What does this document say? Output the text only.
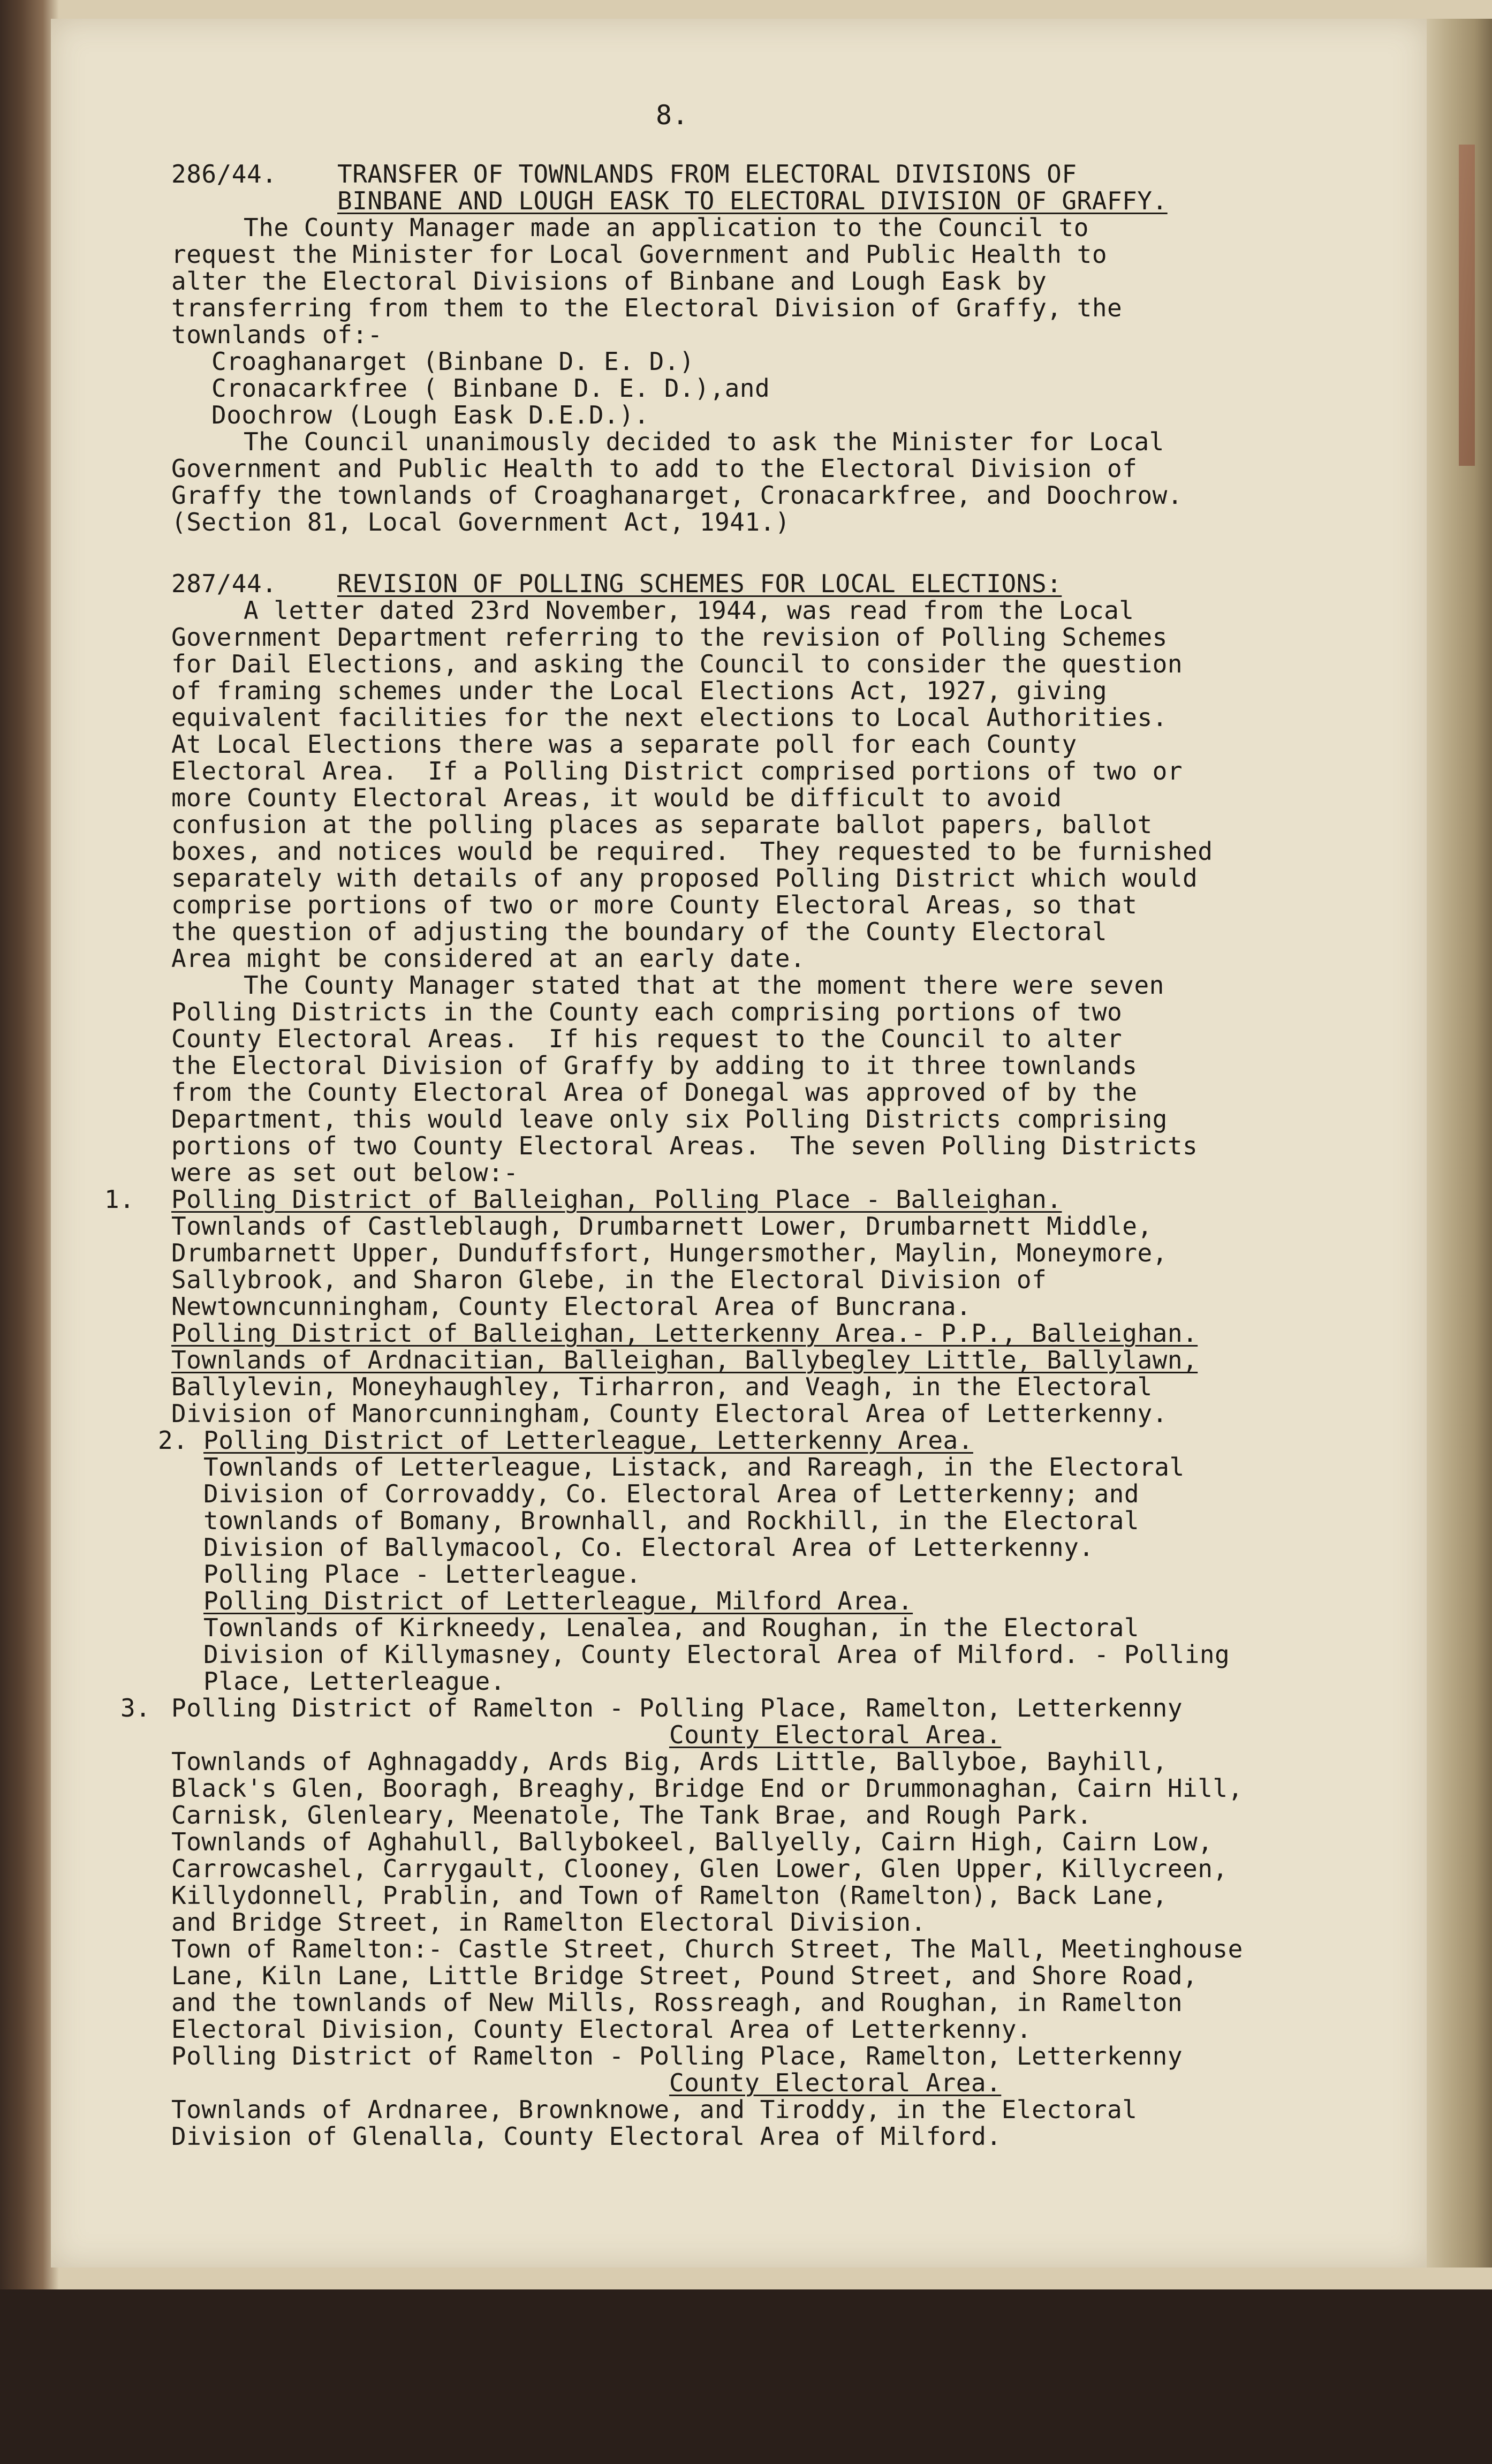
8.

286/44.

TRANSFER OF TOWNLANDS FROM ELECTORAL DIVISIONS OF

BINBANE AND LOUGH EASK TO ELECTORAL DIVISION OF GRAFFY.

The County Manager made an application to the Council to

request the Minister for Local Government and Public Health to

alter the Electoral Divisions of Binbane and Lough Eask by

transferring from them to the Electoral Division of Graffy, the

townlands of:-

Croaghanarget (Binbane D. E. D.)

Cronacarkfree ( Binbane D. E. D.),and

Doochrow (Lough Eask D.E.D.).

The Council unanimously decided to ask the Minister for Local

Government and Public Health to add to the Electoral Division of

Graffy the townlands of Croaghanarget, Cronacarkfree, and Doochrow.

(Section 81, Local Government Act, 1941.)

287/44.

REVISION OF POLLING SCHEMES FOR LOCAL ELECTIONS:

A letter dated 23rd November, 1944, was read from the Local

Government Department referring to the revision of Polling Schemes

for Dail Elections, and asking the Council to consider the question

of framing schemes under the Local Elections Act, 1927, giving

equivalent facilities for the next elections to Local Authorities.

At Local Elections there was a separate poll for each County

Electoral Area.  If a Polling District comprised portions of two or

more County Electoral Areas, it would be difficult to avoid

confusion at the polling places as separate ballot papers, ballot

boxes, and notices would be required.  They requested to be furnished

separately with details of any proposed Polling District which would

comprise portions of two or more County Electoral Areas, so that

the question of adjusting the boundary of the County Electoral

Area might be considered at an early date.

The County Manager stated that at the moment there were seven

Polling Districts in the County each comprising portions of two

County Electoral Areas.  If his request to the Council to alter

the Electoral Division of Graffy by adding to it three townlands

from the County Electoral Area of Donegal was approved of by the

Department, this would leave only six Polling Districts comprising

portions of two County Electoral Areas.  The seven Polling Districts

were as set out below:-

1.

Polling District of Balleighan, Polling Place - Balleighan.

Townlands of Castleblaugh, Drumbarnett Lower, Drumbarnett Middle,

Drumbarnett Upper, Dunduffsfort, Hungersmother, Maylin, Moneymore,

Sallybrook, and Sharon Glebe, in the Electoral Division of

Newtowncunningham, County Electoral Area of Buncrana.

Polling District of Balleighan, Letterkenny Area.- P.P., Balleighan.

Townlands of Ardnacitian, Balleighan, Ballybegley Little, Ballylawn,

Ballylevin, Moneyhaughley, Tirharron, and Veagh, in the Electoral

Division of Manorcunningham, County Electoral Area of Letterkenny.

2.

Polling District of Letterleague, Letterkenny Area.

Townlands of Letterleague, Listack, and Rareagh, in the Electoral

Division of Corrovaddy, Co. Electoral Area of Letterkenny; and

townlands of Bomany, Brownhall, and Rockhill, in the Electoral

Division of Ballymacool, Co. Electoral Area of Letterkenny.

Polling Place - Letterleague.

Polling District of Letterleague, Milford Area.

Townlands of Kirkneedy, Lenalea, and Roughan, in the Electoral

Division of Killymasney, County Electoral Area of Milford. - Polling

Place, Letterleague.

3.

Polling District of Ramelton - Polling Place, Ramelton, Letterkenny

County Electoral Area.

Townlands of Aghnagaddy, Ards Big, Ards Little, Ballyboe, Bayhill,

Black's Glen, Booragh, Breaghy, Bridge End or Drummonaghan, Cairn Hill,

Carnisk, Glenleary, Meenatole, The Tank Brae, and Rough Park.

Townlands of Aghahull, Ballybokeel, Ballyelly, Cairn High, Cairn Low,

Carrowcashel, Carrygault, Clooney, Glen Lower, Glen Upper, Killycreen,

Killydonnell, Prablin, and Town of Ramelton (Ramelton), Back Lane,

and Bridge Street, in Ramelton Electoral Division.

Town of Ramelton:- Castle Street, Church Street, The Mall, Meetinghouse

Lane, Kiln Lane, Little Bridge Street, Pound Street, and Shore Road,

and the townlands of New Mills, Rossreagh, and Roughan, in Ramelton

Electoral Division, County Electoral Area of Letterkenny.

Polling District of Ramelton - Polling Place, Ramelton, Letterkenny

County Electoral Area.

Townlands of Ardnaree, Brownknowe, and Tiroddy, in the Electoral

Division of Glenalla, County Electoral Area of Milford.
